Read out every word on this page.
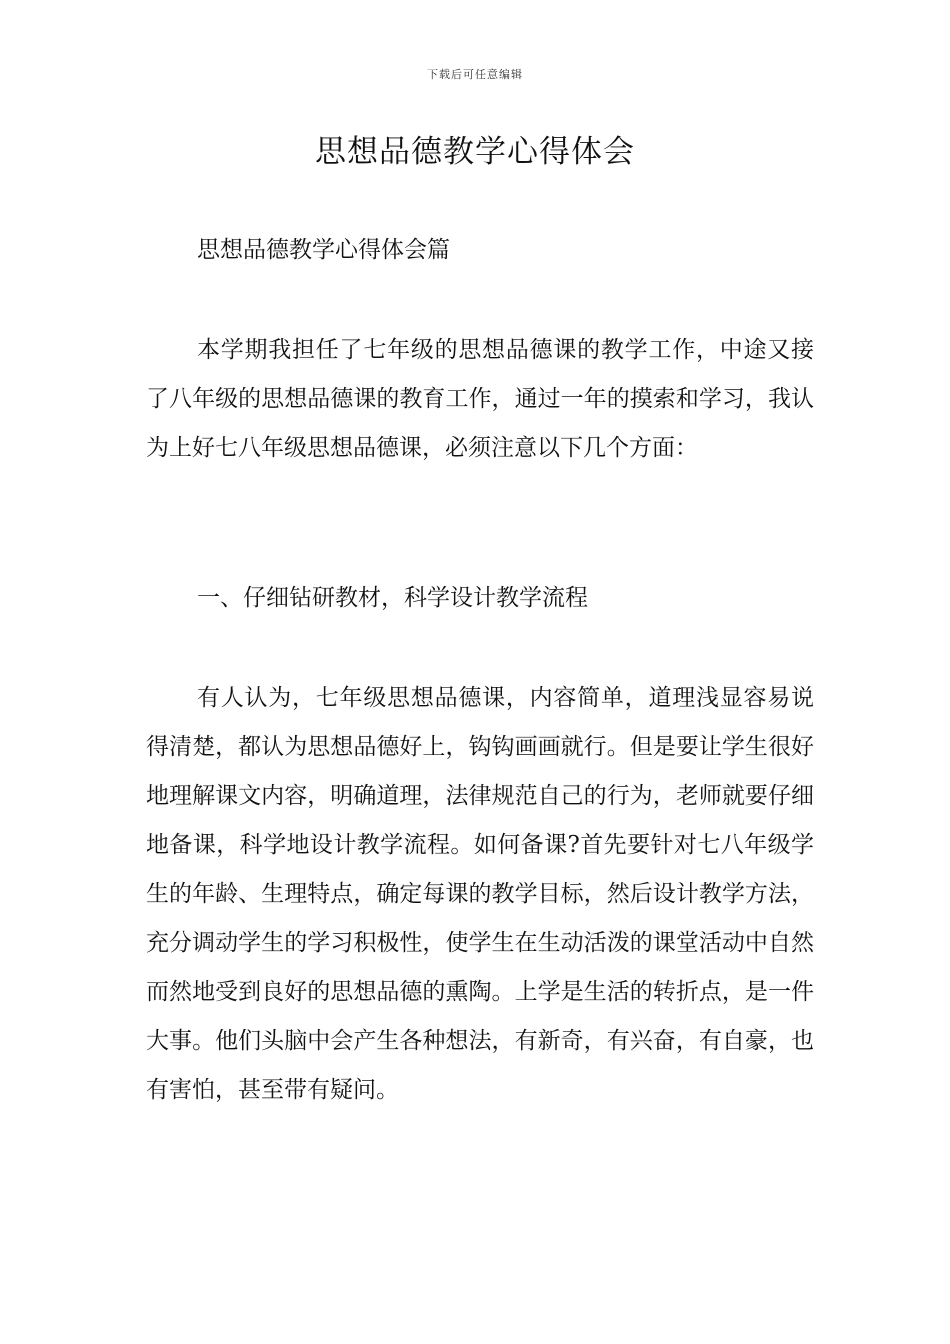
下载后可任意编辑
思想品德教学心得体会

思想品德教学心得体会篇

本学期我担任了七年级的思想品德课的教学工作，中途又接了八年级的思想品德课的教育工作，通过一年的摸索和学习，我认为上好七八年级思想品德课，必须注意以下几个方面：

一、仔细钻研教材，科学设计教学流程

有人认为，七年级思想品德课，内容简单，道理浅显容易说得清楚，都认为思想品德好上，钩钩画画就行。但是要让学生很好地理解课文内容，明确道理，法律规范自己的行为，老师就要仔细地备课，科学地设计教学流程。如何备课?首先要针对七八年级学生的年龄、生理特点，确定每课的教学目标，然后设计教学方法，充分调动学生的学习积极性，使学生在生动活泼的课堂活动中自然而然地受到良好的思想品德的熏陶。上学是生活的转折点，是一件大事。他们头脑中会产生各种想法，有新奇，有兴奋，有自豪，也有害怕，甚至带有疑问。
